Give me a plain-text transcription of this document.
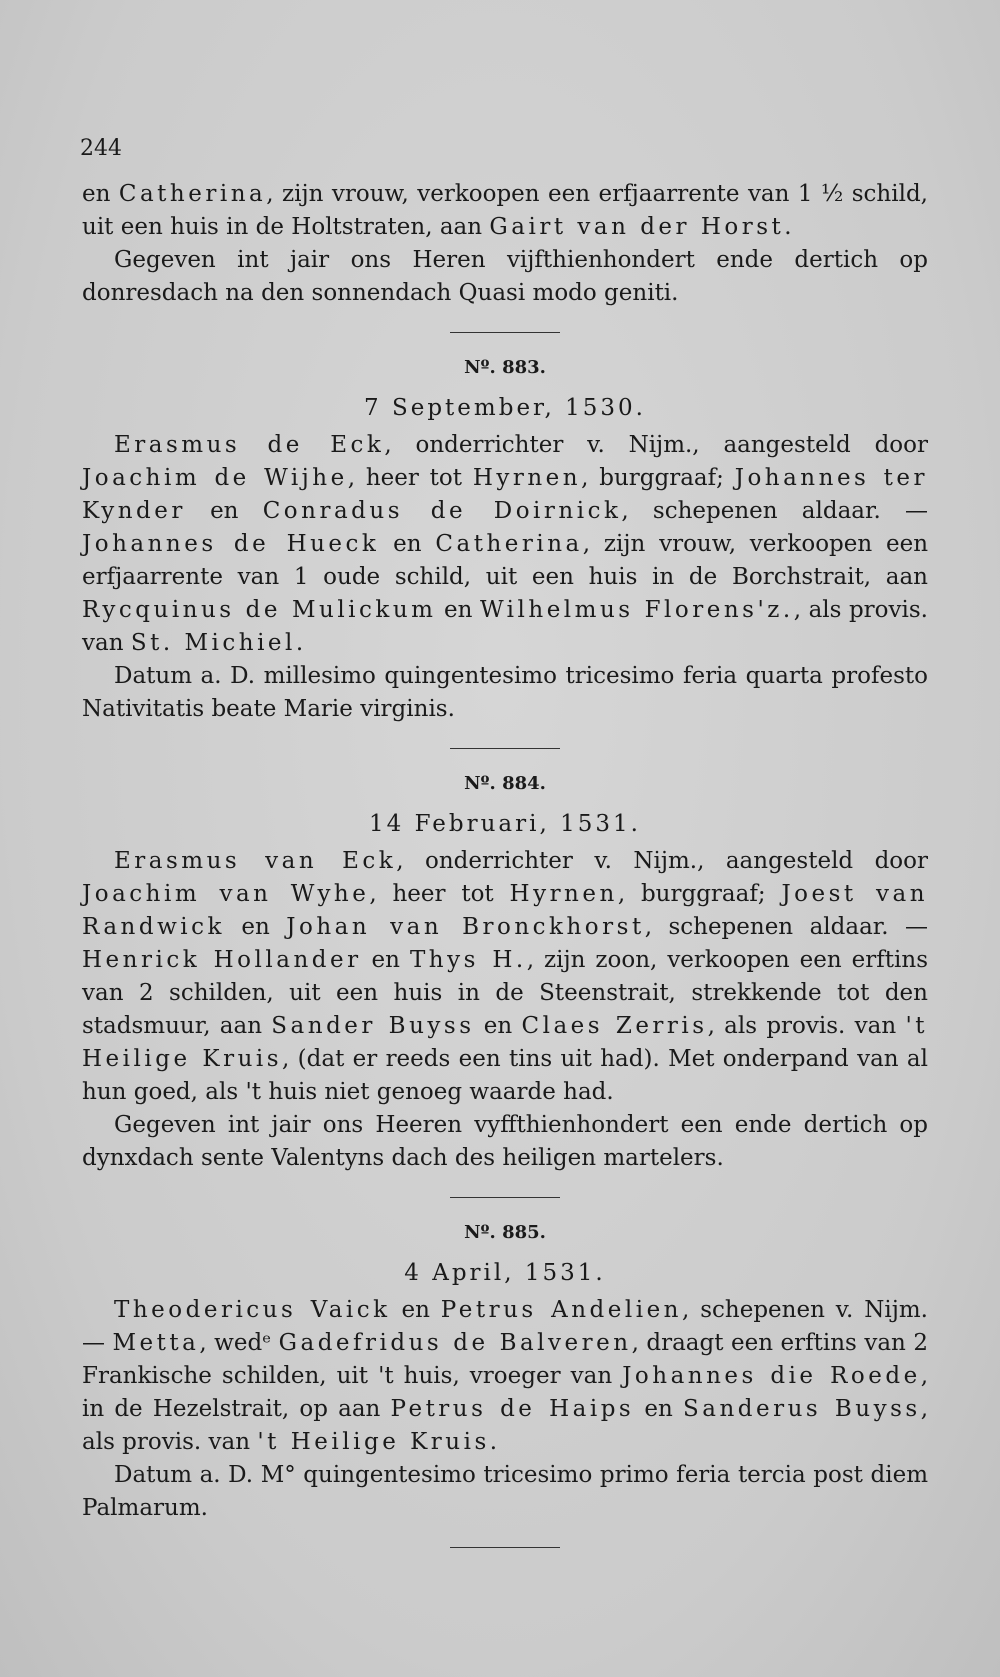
244

en Catherina, zijn vrouw, verkoopen een erfjaarrente van 1 ½ schild, uit een huis in de Holtstraten, aan Gairt van der Horst.

Gegeven int jair ons Heren vijfthienhondert ende dertich op donresdach na den sonnendach Quasi modo geniti.

Nº. 883.
7 September, 1530.

Erasmus de Eck, onderrichter v. Nijm., aangesteld door Joachim de Wijhe, heer tot Hyrnen, burggraaf; Johannes ter Kynder en Conradus de Doirnick, schepenen aldaar. — Johannes de Hueck en Catherina, zijn vrouw, verkoopen een erfjaarrente van 1 oude schild, uit een huis in de Borchstrait, aan Rycquinus de Mulickum en Wilhelmus Florens'z., als provis. van St. Michiel.

Datum a. D. millesimo quingentesimo tricesimo feria quarta profesto Nativitatis beate Marie virginis.

Nº. 884.
14 Februari, 1531.

Erasmus van Eck, onderrichter v. Nijm., aangesteld door Joachim van Wyhe, heer tot Hyrnen, burggraaf; Joest van Randwick en Johan van Bronckhorst, schepenen aldaar. — Henrick Hollander en Thys H., zijn zoon, verkoopen een erftins van 2 schilden, uit een huis in de Steenstrait, strekkende tot den stadsmuur, aan Sander Buyss en Claes Zerris, als provis. van 't Heilige Kruis, (dat er reeds een tins uit had). Met onderpand van al hun goed, als 't huis niet genoeg waarde had.

Gegeven int jair ons Heeren vyffthienhondert een ende dertich op dynxdach sente Valentyns dach des heiligen martelers.

Nº. 885.
4 April, 1531.

Theodericus Vaick en Petrus Andelien, schepenen v. Nijm. — Metta, wedᵉ Gadefridus de Balveren, draagt een erftins van 2 Frankische schilden, uit 't huis, vroeger van Johannes die Roede, in de Hezelstrait, op aan Petrus de Haips en Sanderus Buyss, als provis. van 't Heilige Kruis.

Datum a. D. M° quingentesimo tricesimo primo feria tercia post diem Palmarum.
